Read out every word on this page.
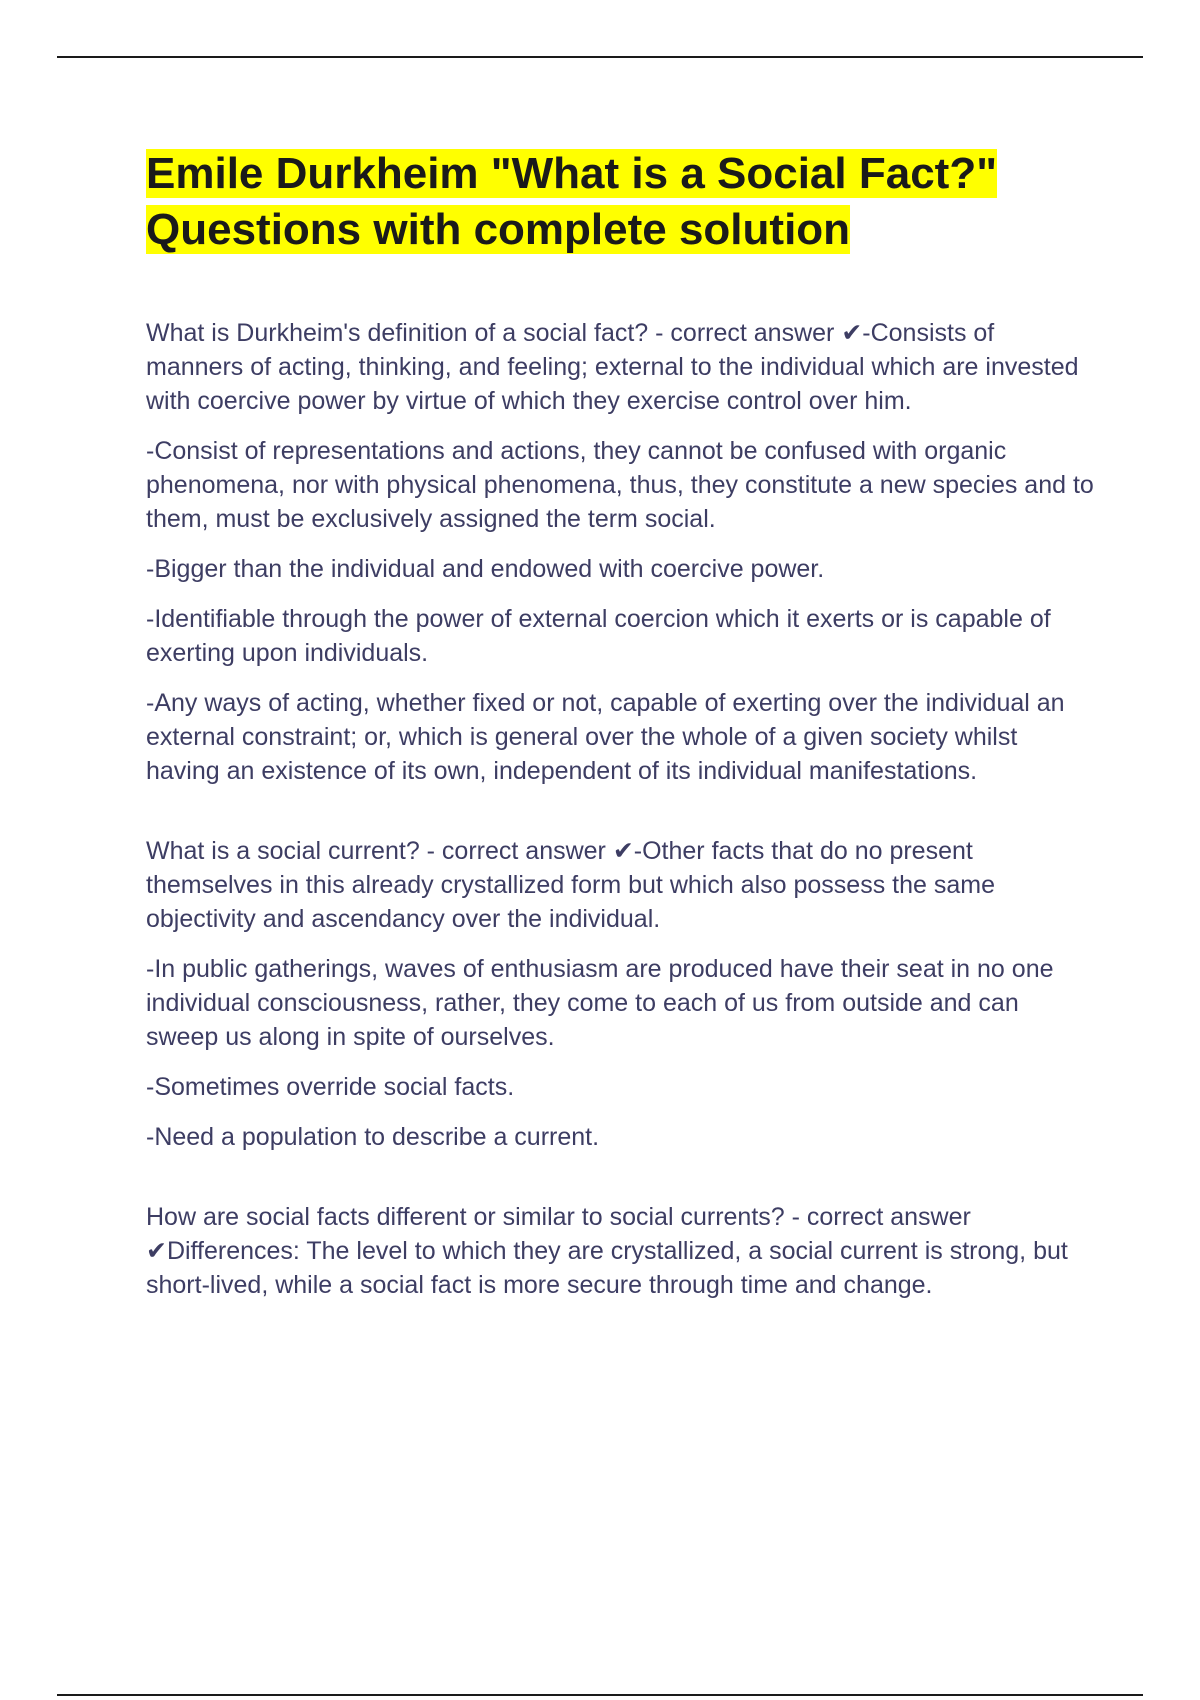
Emile Durkheim "What is a Social Fact?" Questions with complete solution

What is Durkheim's definition of a social fact? - correct answer ✔-Consists of manners of acting, thinking, and feeling; external to the individual which are invested with coercive power by virtue of which they exercise control over him.

-Consist of representations and actions, they cannot be confused with organic phenomena, nor with physical phenomena, thus, they constitute a new species and to them, must be exclusively assigned the term social.

-Bigger than the individual and endowed with coercive power.

-Identifiable through the power of external coercion which it exerts or is capable of exerting upon individuals.

-Any ways of acting, whether fixed or not, capable of exerting over the individual an external constraint; or, which is general over the whole of a given society whilst having an existence of its own, independent of its individual manifestations.

What is a social current? - correct answer ✔-Other facts that do no present themselves in this already crystallized form but which also possess the same objectivity and ascendancy over the individual.

-In public gatherings, waves of enthusiasm are produced have their seat in no one individual consciousness, rather, they come to each of us from outside and can sweep us along in spite of ourselves.

-Sometimes override social facts.

-Need a population to describe a current.

How are social facts different or similar to social currents? - correct answer ✔Differences: The level to which they are crystallized, a social current is strong, but short-lived, while a social fact is more secure through time and change.
